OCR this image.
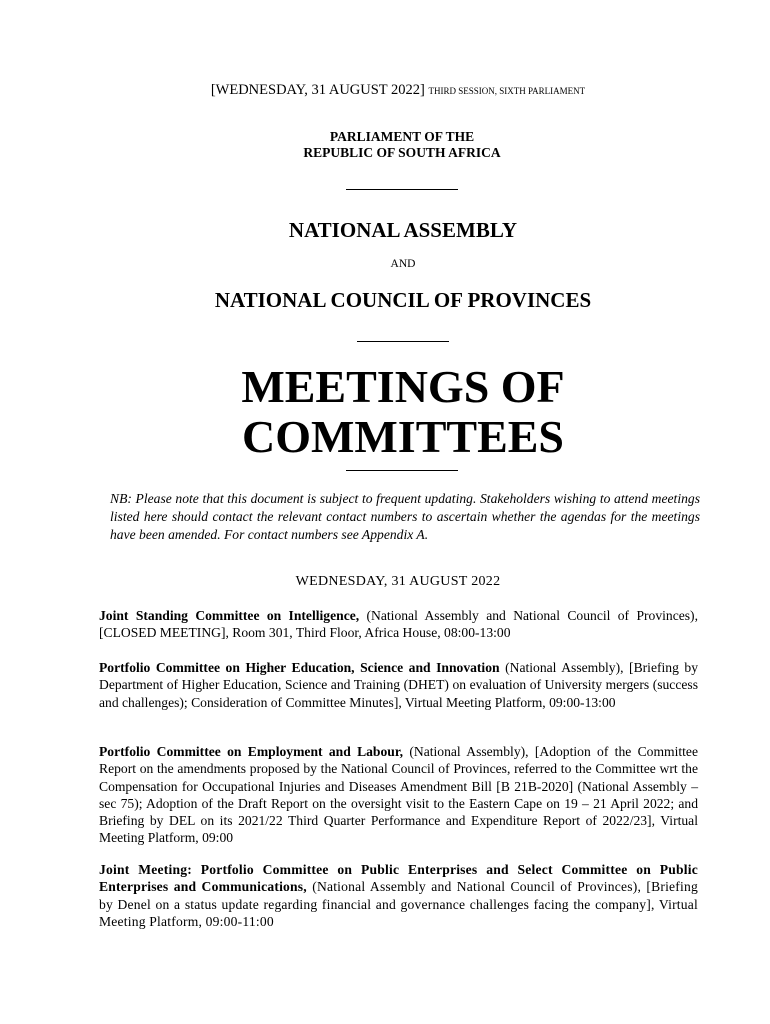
[WEDNESDAY, 31 AUGUST 2022] THIRD SESSION, SIXTH PARLIAMENT
PARLIAMENT OF THE
REPUBLIC OF SOUTH AFRICA
NATIONAL ASSEMBLY
AND
NATIONAL COUNCIL OF PROVINCES
MEETINGS OF
COMMITTEES
NB: Please note that this document is subject to frequent updating. Stakeholders wishing to attend meetings listed here should contact the relevant contact numbers to ascertain whether the agendas for the meetings have been amended. For contact numbers see Appendix A.
WEDNESDAY, 31 AUGUST 2022
Joint Standing Committee on Intelligence, (National Assembly and National Council of Provinces), [CLOSED MEETING], Room 301, Third Floor, Africa House, 08:00-13:00
Portfolio Committee on Higher Education, Science and Innovation (National Assembly), [Briefing by Department of Higher Education, Science and Training (DHET) on evaluation of University mergers (success and challenges); Consideration of Committee Minutes], Virtual Meeting Platform, 09:00-13:00
Portfolio Committee on Employment and Labour, (National Assembly), [Adoption of the Committee Report on the amendments proposed by the National Council of Provinces, referred to the Committee wrt the Compensation for Occupational Injuries and Diseases Amendment Bill [B 21B-2020] (National Assembly – sec 75); Adoption of the Draft Report on the oversight visit to the Eastern Cape on 19 – 21 April 2022; and Briefing by DEL on its 2021/22 Third Quarter Performance and Expenditure Report of 2022/23], Virtual Meeting Platform, 09:00
Joint Meeting: Portfolio Committee on Public Enterprises and Select Committee on Public Enterprises and Communications, (National Assembly and National Council of Provinces), [Briefing by Denel on a status update regarding financial and governance challenges facing the company], Virtual Meeting Platform, 09:00-11:00
